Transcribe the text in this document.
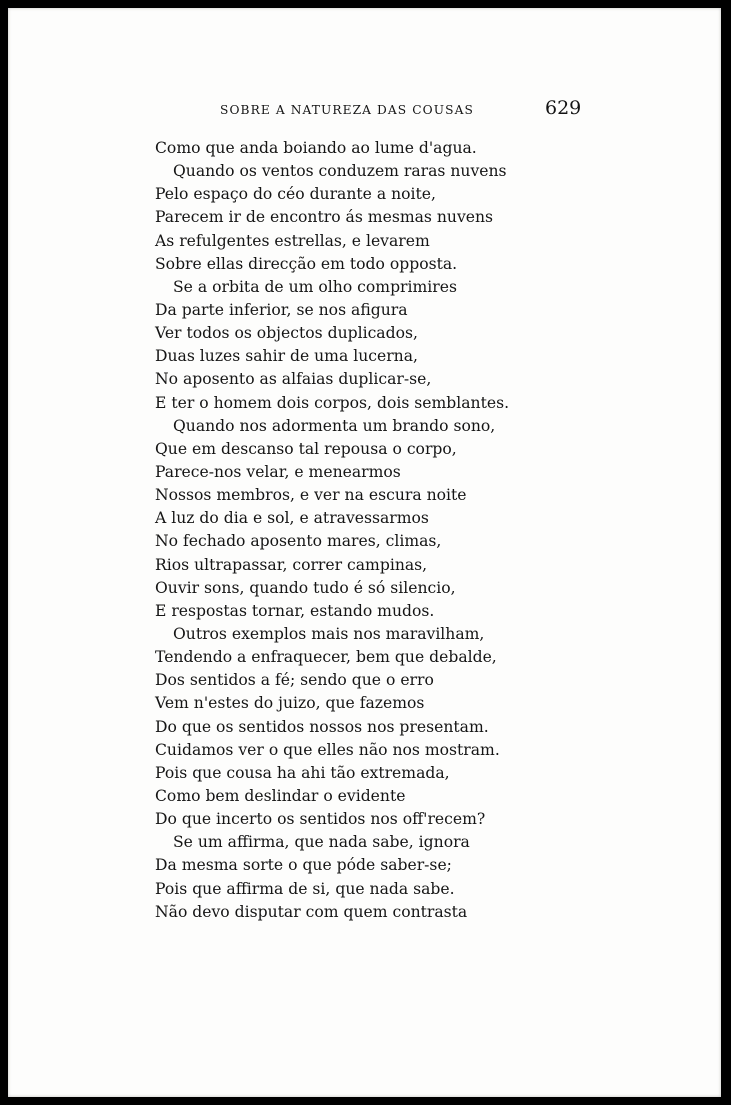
SOBRE A NATUREZA DAS COUSAS	629
Como que anda boiando ao lume d'agua.
Quando os ventos conduzem raras nuvens
Pelo espaço do céo durante a noite,
Parecem ir de encontro ás mesmas nuvens
As refulgentes estrellas, e levarem
Sobre ellas direcção em todo opposta.
Se a orbita de um olho comprimires
Da parte inferior, se nos afigura
Ver todos os objectos duplicados,
Duas luzes sahir de uma lucerna,
No aposento as alfaias duplicar-se,
E ter o homem dois corpos, dois semblantes.
Quando nos adormenta um brando sono,
Que em descanso tal repousa o corpo,
Parece-nos velar, e menearmos
Nossos membros, e ver na escura noite
A luz do dia e sol, e atravessarmos
No fechado aposento mares, climas,
Rios ultrapassar, correr campinas,
Ouvir sons, quando tudo é só silencio,
E respostas tornar, estando mudos.
Outros exemplos mais nos maravilham,
Tendendo a enfraquecer, bem que debalde,
Dos sentidos a fé; sendo que o erro
Vem n'estes do juizo, que fazemos
Do que os sentidos nossos nos presentam.
Cuidamos ver o que elles não nos mostram.
Pois que cousa ha ahi tão extremada,
Como bem deslindar o evidente
Do que incerto os sentidos nos off'recem?
Se um affirma, que nada sabe, ignora
Da mesma sorte o que póde saber-se;
Pois que affirma de si, que nada sabe.
Não devo disputar com quem contrasta
